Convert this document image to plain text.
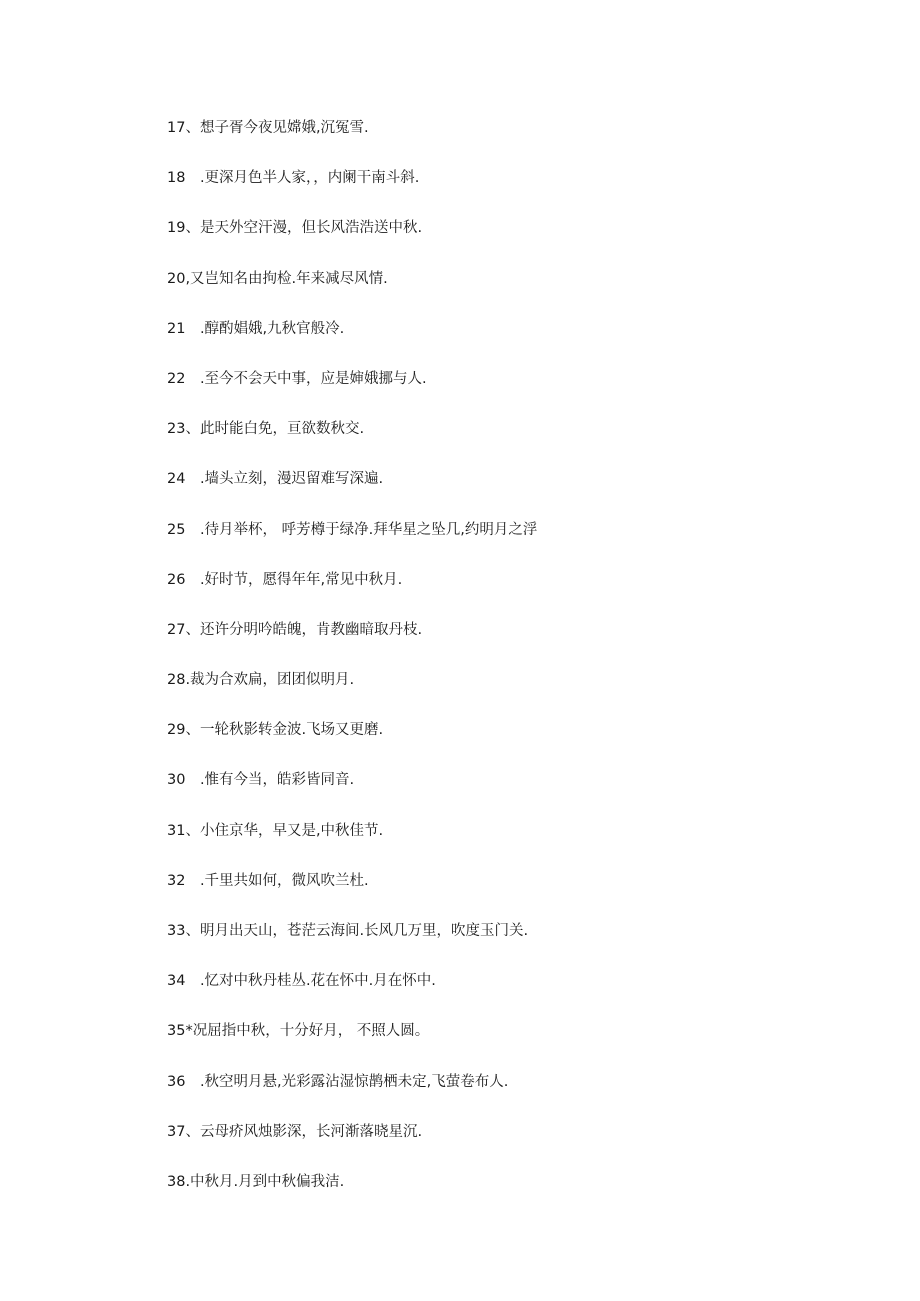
17、想子胥今夜见嫦娥,沉冤雪.
18　.更深月色半人家，，内阑干南斗斜.
19、是天外空汗漫，但长风浩浩送中秋.
20,又岂知名由拘检.年来减尽风情.
21　.醇酌娼娥,九秋官般冷.
22　.至今不会天中事，应是婶娥挪与人.
23、此时能白免，亘欲数秋交.
24　.墙头立刻，漫迟留难写深遍.
25　.待月举杯， 呼芳樽于绿净.拜华星之坠几,约明月之浮
26　.好时节，愿得年年,常见中秋月.
27、还许分明吟皓魄，肯教幽暗取丹枝.
28.裁为合欢扁，团团似明月.
29、一轮秋影转金波.飞场又更磨.
30　.惟有今当，皓彩皆同音.
31、小住京华，早又是,中秋佳节.
32　.千里共如何，微风吹兰杜.
33、明月出天山，苍茫云海间.长风几万里，吹度玉门关.
34　.忆对中秋丹桂丛.花在怀中.月在怀中.
35*况屈指中秋，十分好月， 不照人圆。
36　.秋空明月悬,光彩露沾湿惊鹊栖未定,飞萤卷布人.
37、云母疥风烛影深，长河渐落晓星沉.
38.中秋月.月到中秋偏我洁.
